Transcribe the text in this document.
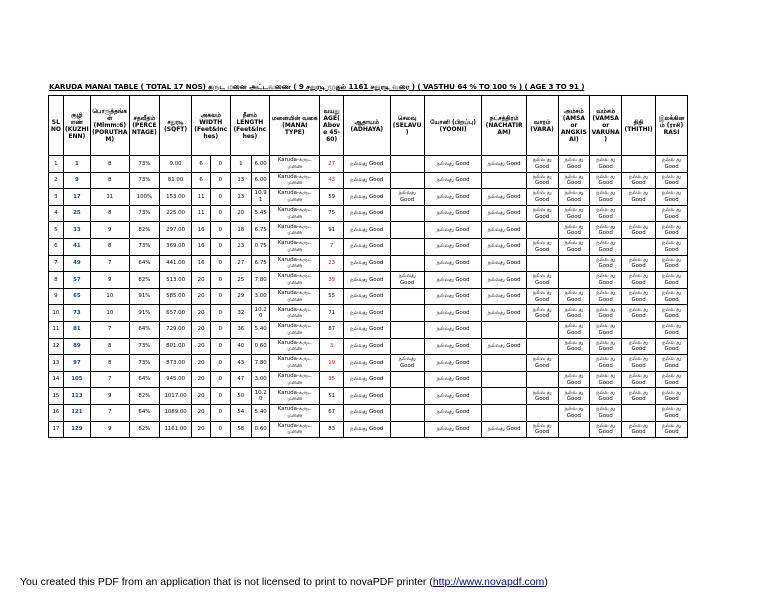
KARUDA MANAI TABLE ( TOTAL 17 NOS) கருட மனை அட்டவணை ( 9 சதுரடி முதல் 1161 சதுரடி வரை ) ( VASTHU 64 % TO 100 % ) ( AGE 3 TO 91 )
SL NO	குழி எண் (KUZHI ENN)	பொருத்தங்கள் (Mlmm:6) (PORUTHAM)	சதவீதம் (PERCENTAGE)	சதுரடி (SQFT)	அகலம் WIDTH (Feet&Inches)		நீளம் LENGTH (Feet&Inches)		மனையின் வகை (MANAI TYPE)	வயது AGE(Above 45-60)	ஆதாயம் (ADHAYA)	செலவு (SELAVU)	யோனி (பிறப்பு) (YOONI)	நட்சத்திரம் (NACHATIRAM)	வாரம் (VARA)	அம்சம் (AMSA or ANGKISAI)	வம்சம் (VAMSA or VARUNA)	திதி (THITHI)	இலக்கினம் (ராசி) RASI
1	1	8	73%	9.00	6	0	1	6.00	Karuda-கருட மனை	27	நல்லது Good		நல்லது Good	நல்லது Good	நல்ல து Good	நல்ல து Good	நல்ல து Good		நல்ல து Good
2	9	8	73%	81.00	6	0	13	6.00	Karuda-கருட மனை	43	நல்லது Good		நல்லது Good		நல்ல து Good	நல்ல து Good	நல்ல து Good	நல்ல து Good	நல்ல து Good
3	17	11	100%	153.00	11	0	13	10.91	Karuda-கருட மனை	59	நல்லது Good	நல்லது Good	நல்லது Good	நல்லது Good	நல்ல து Good	நல்ல து Good	நல்ல து Good	நல்ல து Good	நல்ல து Good
4	25	8	73%	225.00	11	0	20	5.45	Karuda-கருட மனை	75	நல்லது Good		நல்லது Good	நல்லது Good	நல்ல து Good	நல்ல து Good	நல்ல து Good		நல்ல து Good
5	33	9	82%	297.00	16	0	18	6.75	Karuda-கருட மனை	91	நல்லது Good		நல்லது Good	நல்லது Good		நல்ல து Good	நல்ல து Good	நல்ல து Good	நல்ல து Good
6	41	8	73%	369.00	16	0	23	0.75	Karuda-கருட மனை	7	நல்லது Good		நல்லது Good	நல்லது Good	நல்ல து Good	நல்ல து Good	நல்ல து Good		நல்ல து Good
7	49	7	64%	441.00	16	0	27	6.75	Karuda-கருட மனை	23	நல்லது Good		நல்லது Good	நல்லது Good			நல்ல து Good	நல்ல து Good	நல்ல து Good
8	57	9	82%	513.00	20	0	25	7.80	Karuda-கருட மனை	39	நல்லது Good	நல்லது Good	நல்லது Good	நல்லது Good	நல்ல து Good		நல்ல து Good	நல்ல து Good	நல்ல து Good
9	65	10	91%	585.00	20	0	29	3.00	Karuda-கருட மனை	55	நல்லது Good		நல்லது Good	நல்லது Good	நல்ல து Good	நல்ல து Good	நல்ல து Good	நல்ல து Good	நல்ல து Good
10	73	10	91%	657.00	20	0	32	10.20	Karuda-கருட மனை	71	நல்லது Good		நல்லது Good	நல்லது Good	நல்ல து Good	நல்ல து Good	நல்ல து Good	நல்ல து Good	நல்ல து Good
11	81	7	64%	729.00	20	0	36	5.40	Karuda-கருட மனை	87	நல்லது Good		நல்லது Good			நல்ல து Good	நல்ல து Good		நல்ல து Good
12	89	8	73%	801.00	20	0	40	0.60	Karuda-கருட மனை	3	நல்லது Good		நல்லது Good	நல்லது Good		நல்ல து Good	நல்ல து Good	நல்ல து Good	நல்ல து Good
13	97	8	73%	873.00	20	0	43	7.80	Karuda-கருட மனை	19	நல்லது Good	நல்லது Good	நல்லது Good		நல்ல து Good		நல்ல து Good	நல்ல து Good	நல்ல து Good
14	105	7	64%	945.00	20	0	47	3.00	Karuda-கருட மனை	35	நல்லது Good		நல்லது Good			நல்ல து Good	நல்ல து Good	நல்ல து Good	நல்ல து Good
15	113	9	82%	1017.00	20	0	50	10.20	Karuda-கருட மனை	51	நல்லது Good		நல்லது Good		நல்ல து Good	நல்ல து Good	நல்ல து Good	நல்ல து Good	நல்ல து Good
16	121	7	64%	1089.00	20	0	54	5.40	Karuda-கருட மனை	67	நல்லது Good		நல்லது Good			நல்ல து Good	நல்ல து Good		நல்ல து Good
17	129	9	82%	1161.00	20	0	58	0.60	Karuda-கருட மனை	83	நல்லது Good		நல்லது Good	நல்லது Good	நல்ல து Good		நல்ல து Good	நல்ல து Good	நல்ல து Good
You created this PDF from an application that is not licensed to print to novaPDF printer (http://www.novapdf.com)
